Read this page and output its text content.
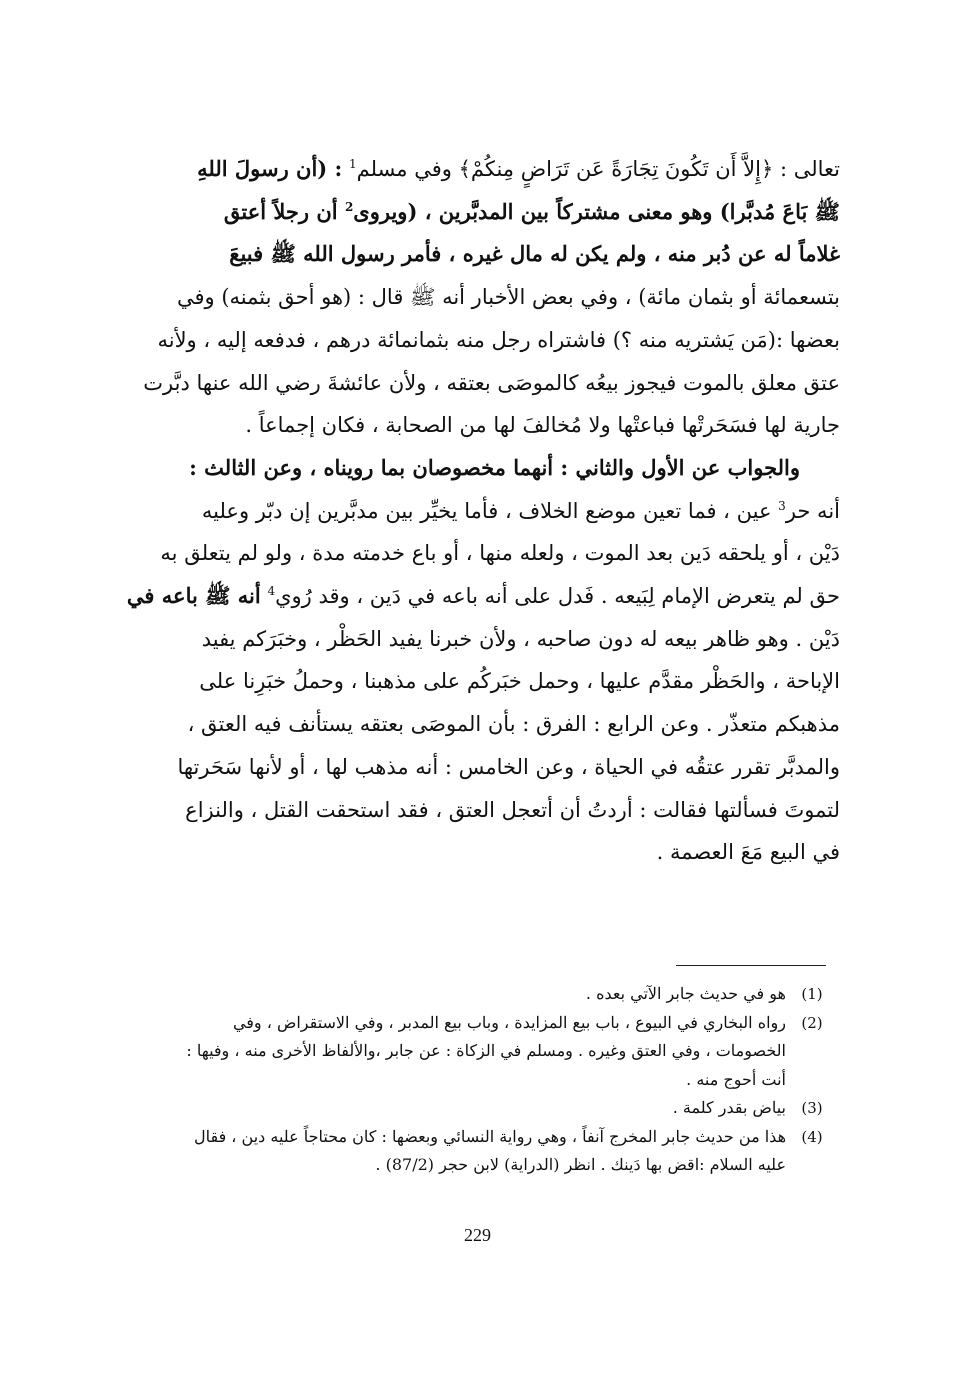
تعالى : ﴿إِلاَّ أَن تَكُونَ تِجَارَةً عَن تَرَاضٍ مِنكُمْ﴾ وفي مسلم$^1$ : (أن رسولَ اللهِ
ﷺ بَاعَ مُدبَّرا) وهو معنى مشتركاً بين المدبَّرين ، (ويروى$^2$ أن رجلاً أعتق
غلاماً له عن دُبر منه ، ولم يكن له مال غيره ، فأمر رسول الله ﷺ فبيعَ
بتسعمائة أو بثمان مائة) ، وفي بعض الأخبار أنه ﷺ قال : (هو أحق بثمنه) وفي
بعضها :(مَن يَشتريه منه ؟) فاشتراه رجل منه بثمانمائة درهم ، فدفعه إليه ، ولأنه
عتق معلق بالموت فيجوز بيعُه كالموصَى بعتقه ، ولأن عائشةَ رضي الله عنها دبَّرت
جارية لها فسَحَرتْها فباعتْها ولا مُخالفَ لها من الصحابة ، فكان إجماعاً .
والجواب عن الأول والثاني : أنهما مخصوصان بما رويناه ، وعن الثالث :
أنه حر$^3$ عين ، فما تعين موضع الخلاف ، فأما يخيِّر بين مدبَّرين إن دبّر وعليه
دَيْن ، أو يلحقه دَين بعد الموت ، ولعله منها ، أو باع خدمته مدة ، ولو لم يتعلق به
حق لم يتعرض الإمام لِبَيعه . فَدل على أنه باعه في دَين ، وقد رُوي$^4$ أنه ﷺ باعه في
دَيْن . وهو ظاهر بيعه له دون صاحبه ، ولأن خبرنا يفيد الحَظْر ، وخبَرَكم يفيد
الإباحة ، والحَظْر مقدَّم عليها ، وحمل خبَركُم على مذهبنا ، وحملُ خبَرِنا على
مذهبكم متعذّر . وعن الرابع : الفرق : بأن الموصَى بعتقه يستأنف فيه العتق ،
والمدبَّر تقرر عتقُه في الحياة ، وعن الخامس : أنه مذهب لها ، أو لأنها سَحَرتها
لتموتَ فسألتها فقالت : أردتُ أن أتعجل العتق ، فقد استحقت القتل ، والنزاع
في البيع مَعَ العصمة .
(1)
هو في حديث جابر الآتي بعده .
(2)
رواه البخاري في البيوع ، باب بيع المزايدة ، وباب بيع المدبر ، وفي الاستقراض ، وفي
الخصومات ، وفي العتق وغيره . ومسلم في الزكاة : عن جابر ،والألفاظ الأخرى منه ، وفيها :
أنت أحوج منه .
(3)
بياض بقدر كلمة .
(4)
هذا من حديث جابر المخرج آنفاً ، وهي رواية النسائي وبعضها : كان محتاجاً عليه دين ، فقال
عليه السلام :اقض بها دَينك . انظر (الدراية) لابن حجر (87/2) .
229
